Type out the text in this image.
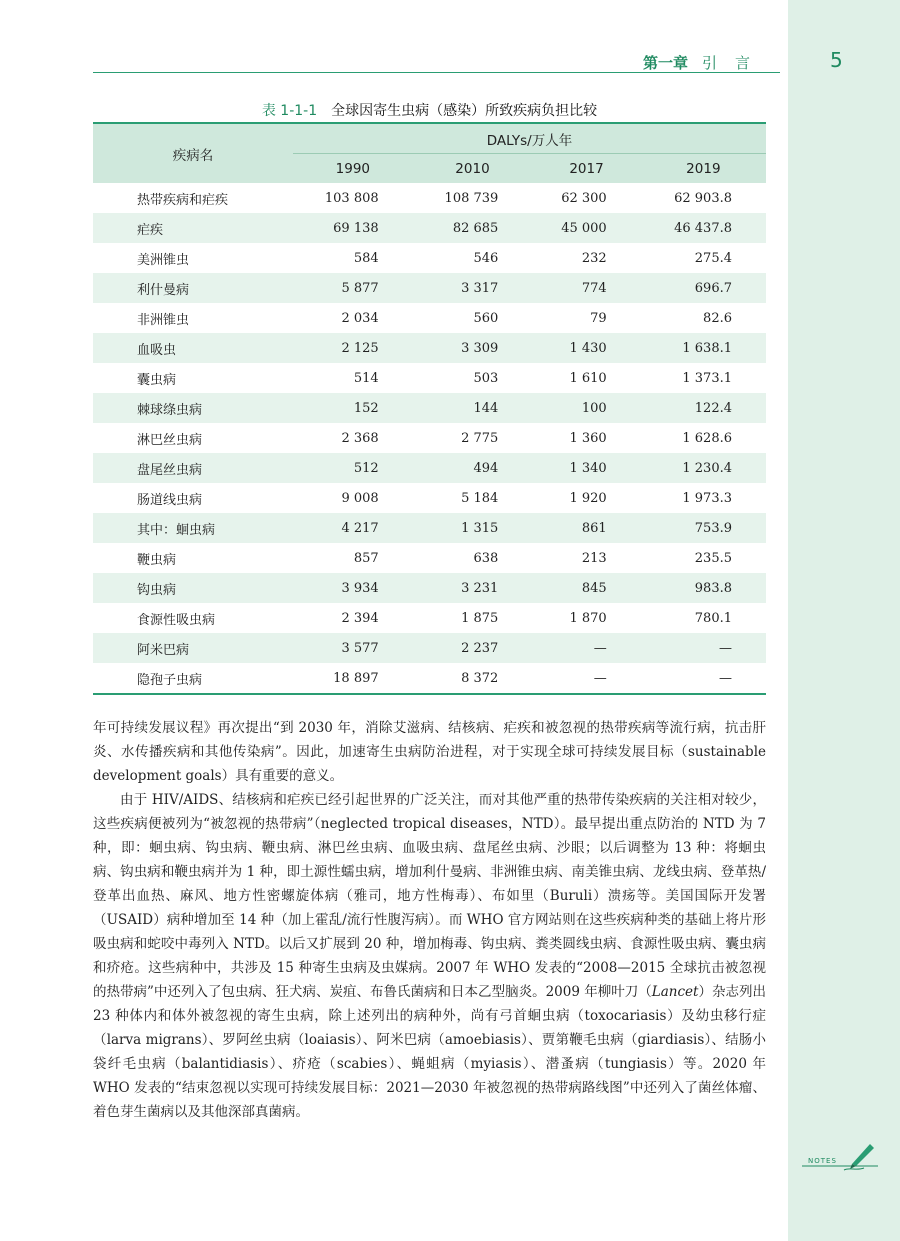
第一章 引言	5
表 1-1-1 全球因寄生虫病（感染）所致疾病负担比较
疾病名	DALYs/万人年			
	1990	2010	2017	2019
热带疾病和疟疾	103 808	108 739	62 300	62 903.8
疟疾	69 138	82 685	45 000	46 437.8
美洲锥虫	584	546	232	275.4
利什曼病	5 877	3 317	774	696.7
非洲锥虫	2 034	560	79	82.6
血吸虫	2 125	3 309	1 430	1 638.1
囊虫病	514	503	1 610	1 373.1
棘球绦虫病	152	144	100	122.4
淋巴丝虫病	2 368	2 775	1 360	1 628.6
盘尾丝虫病	512	494	1 340	1 230.4
肠道线虫病	9 008	5 184	1 920	1 973.3
其中：蛔虫病	4 217	1 315	861	753.9
鞭虫病	857	638	213	235.5
钩虫病	3 934	3 231	845	983.8
食源性吸虫病	2 394	1 875	1 870	780.1
阿米巴病	3 577	2 237	—	—
隐孢子虫病	18 897	8 372	—	—

年可持续发展议程》再次提出“到 2030 年，消除艾滋病、结核病、疟疾和被忽视的热带疾病等流行病，抗击肝炎、水传播疾病和其他传染病”。因此，加速寄生虫病防治进程，对于实现全球可持续发展目标（sustainable development goals）具有重要的意义。

由于 HIV/AIDS、结核病和疟疾已经引起世界的广泛关注，而对其他严重的热带传染疾病的关注相对较少，这些疾病便被列为“被忽视的热带病”（neglected tropical diseases，NTD）。最早提出重点防治的 NTD 为 7 种，即：蛔虫病、钩虫病、鞭虫病、淋巴丝虫病、血吸虫病、盘尾丝虫病、沙眼；以后调整为 13 种：将蛔虫病、钩虫病和鞭虫病并为 1 种，即土源性蠕虫病，增加利什曼病、非洲锥虫病、南美锥虫病、龙线虫病、登革热/登革出血热、麻风、地方性密螺旋体病（雅司，地方性梅毒）、布如里（Buruli）溃疡等。美国国际开发署（USAID）病种增加至 14 种（加上霍乱/流行性腹泻病）。而 WHO 官方网站则在这些疾病种类的基础上将片形吸虫病和蛇咬中毒列入 NTD。以后又扩展到 20 种，增加梅毒、钩虫病、粪类圆线虫病、食源性吸虫病、囊虫病和疥疮。这些病种中，共涉及 15 种寄生虫病及虫媒病。2007 年 WHO 发表的“2008—2015 全球抗击被忽视的热带病”中还列入了包虫病、狂犬病、炭疽、布鲁氏菌病和日本乙型脑炎。2009 年柳叶刀（Lancet）杂志列出 23 种体内和体外被忽视的寄生虫病，除上述列出的病种外，尚有弓首蛔虫病（toxocariasis）及幼虫移行症（larva migrans）、罗阿丝虫病（loaiasis）、阿米巴病（amoebiasis）、贾第鞭毛虫病（giardiasis）、结肠小袋纤毛虫病（balantidiasis）、疥疮（scabies）、蝇蛆病（myiasis）、潜蚤病（tungiasis）等。2020 年 WHO 发表的“结束忽视以实现可持续发展目标：2021—2030 年被忽视的热带病路线图”中还列入了菌丝体瘤、着色芽生菌病以及其他深部真菌病。

NOTES
